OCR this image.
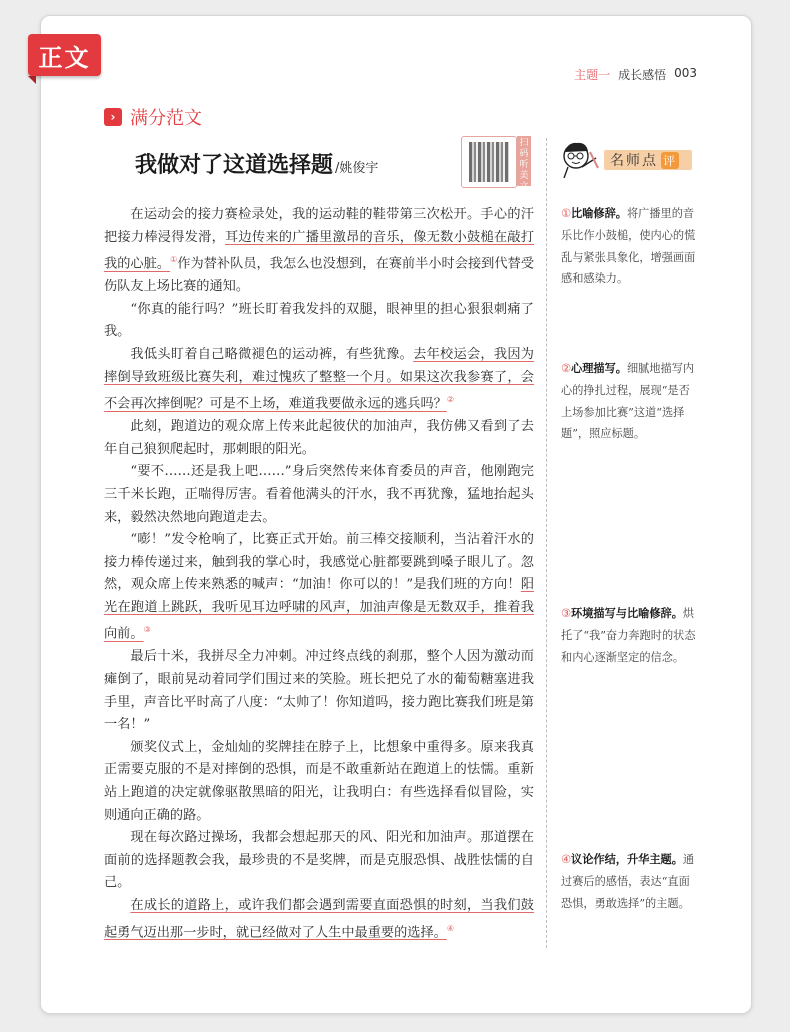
正文
主题一 成长感悟 003
› 满分范文
我做对了这道选择题 /姚俊宇
扫码听美文

在运动会的接力赛检录处，我的运动鞋的鞋带第三次松开。手心的汗把接力棒浸得发滑，耳边传来的广播里激昂的音乐，像无数小鼓槌在敲打我的心脏。①作为替补队员，我怎么也没想到，在赛前半小时会接到代替受伤队友上场比赛的通知。

“你真的能行吗？”班长盯着我发抖的双腿，眼神里的担心狠狠刺痛了我。

我低头盯着自己略微褪色的运动裤，有些犹豫。去年校运会，我因为摔倒导致班级比赛失利，难过愧疚了整整一个月。如果这次我参赛了，会不会再次摔倒呢？可是不上场，难道我要做永远的逃兵吗？②

此刻，跑道边的观众席上传来此起彼伏的加油声，我仿佛又看到了去年自己狼狈爬起时，那刺眼的阳光。

“要不……还是我上吧……”身后突然传来体育委员的声音，他刚跑完三千米长跑，正喘得厉害。看着他满头的汗水，我不再犹豫，猛地抬起头来，毅然决然地向跑道走去。

“嘭！”发令枪响了，比赛正式开始。前三棒交接顺利，当沾着汗水的接力棒传递过来，触到我的掌心时，我感觉心脏都要跳到嗓子眼儿了。忽然，观众席上传来熟悉的喊声：“加油！你可以的！”是我们班的方向！阳光在跑道上跳跃，我听见耳边呼啸的风声，加油声像是无数双手，推着我向前。③

最后十米，我拼尽全力冲刺。冲过终点线的刹那，整个人因为激动而瘫倒了，眼前晃动着同学们围过来的笑脸。班长把兑了水的葡萄糖塞进我手里，声音比平时高了八度：“太帅了！你知道吗，接力跑比赛我们班是第一名！”

颁奖仪式上，金灿灿的奖牌挂在脖子上，比想象中重得多。原来我真正需要克服的不是对摔倒的恐惧，而是不敢重新站在跑道上的怯懦。重新站上跑道的决定就像驱散黑暗的阳光，让我明白：有些选择看似冒险，实则通向正确的路。

现在每次路过操场，我都会想起那天的风、阳光和加油声。那道摆在面前的选择题教会我，最珍贵的不是奖牌，而是克服恐惧、战胜怯懦的自己。

在成长的道路上，或许我们都会遇到需要直面恐惧的时刻，当我们鼓起勇气迈出那一步时，就已经做对了人生中最重要的选择。④

名师点 评
①比喻修辞。将广播里的音乐比作小鼓槌，使内心的慌乱与紧张具象化，增强画面感和感染力。
②心理描写。细腻地描写内心的挣扎过程，展现“是否上场参加比赛”这道“选择题”，照应标题。
③环境描写与比喻修辞。烘托了“我”奋力奔跑时的状态和内心逐渐坚定的信念。
④议论作结，升华主题。通过赛后的感悟，表达“直面恐惧，勇敢选择”的主题。
